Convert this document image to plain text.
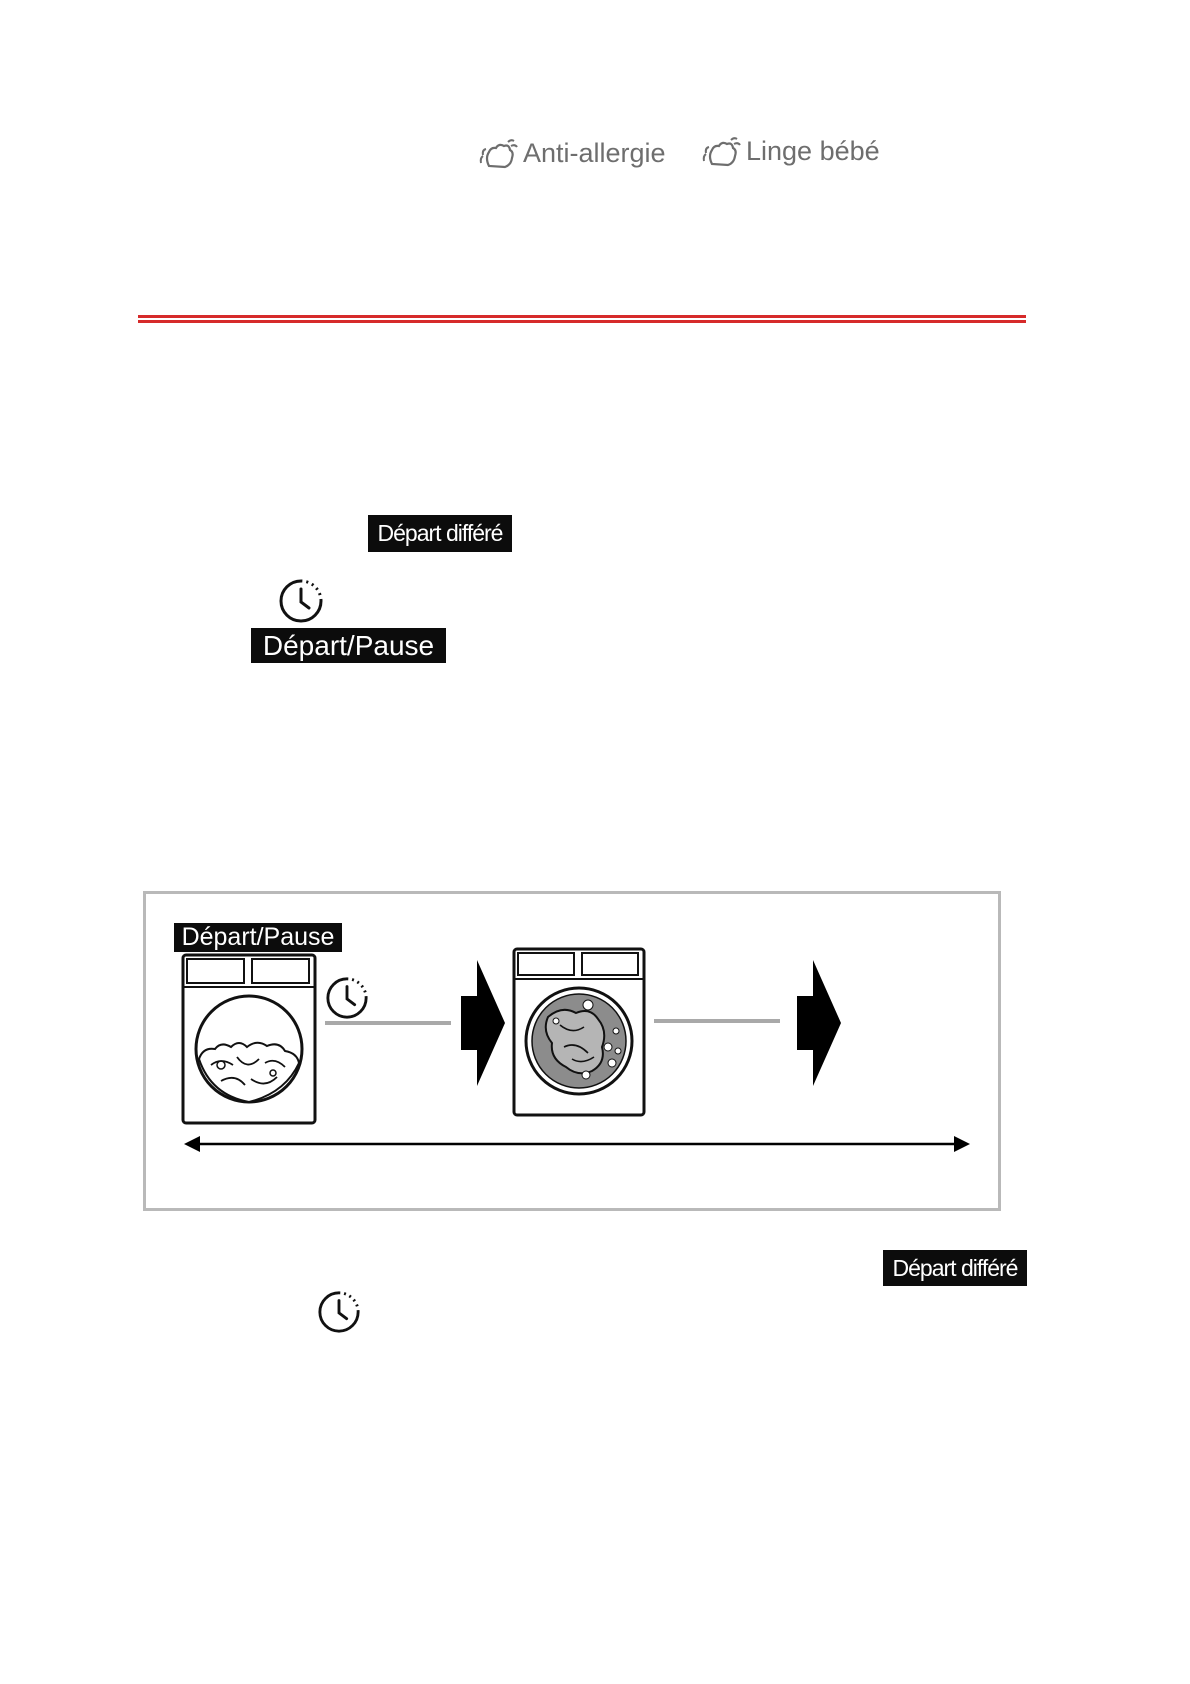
Anti-allergie	Linge bébé
Départ différé
Départ/Pause
Départ/Pause
Départ différé
